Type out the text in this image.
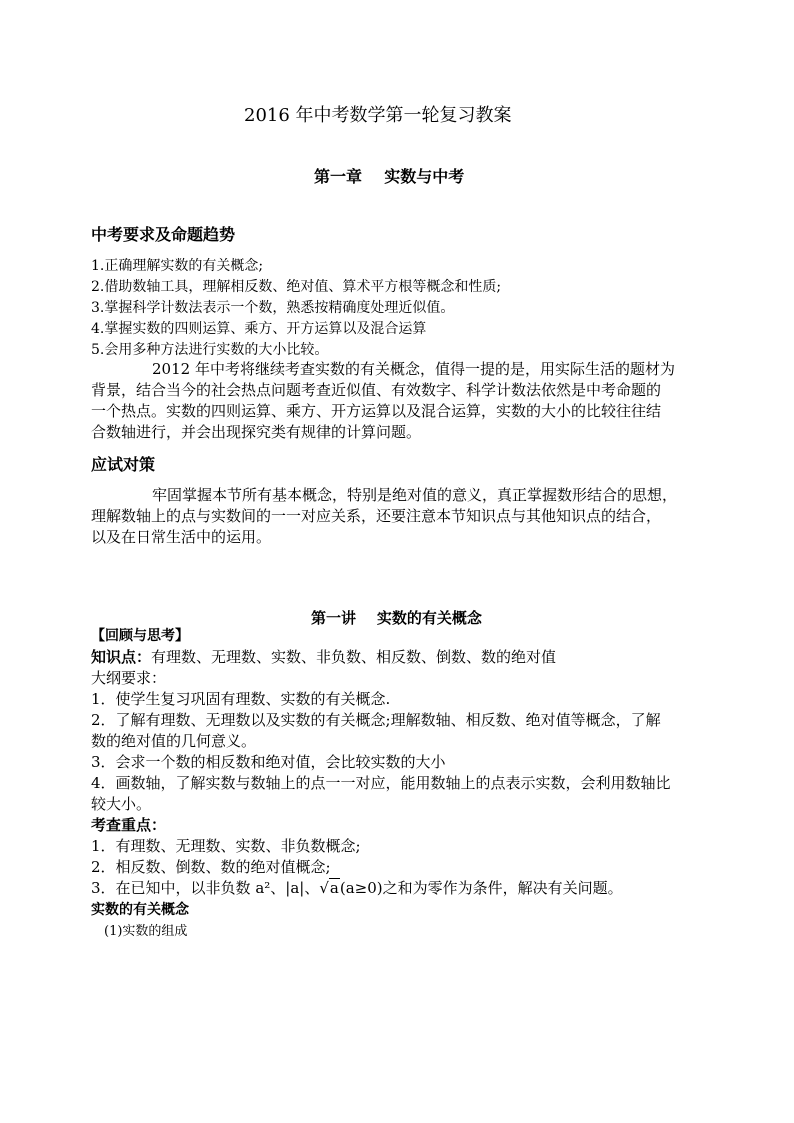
2016 年中考数学第一轮复习教案
第一章    实数与中考
中考要求及命题趋势
1.正确理解实数的有关概念;
2.借助数轴工具，理解相反数、绝对值、算术平方根等概念和性质;
3.掌握科学计数法表示一个数，熟悉按精确度处理近似值。
4.掌握实数的四则运算、乘方、开方运算以及混合运算
5.会用多种方法进行实数的大小比较。
2012 年中考将继续考查实数的有关概念，值得一提的是，用实际生活的题材为
背景，结合当今的社会热点问题考查近似值、有效数字、科学计数法依然是中考命题的
一个热点。实数的四则运算、乘方、开方运算以及混合运算，实数的大小的比较往往结
合数轴进行，并会出现探究类有规律的计算问题。
应试对策
牢固掌握本节所有基本概念，特别是绝对值的意义，真正掌握数形结合的思想，
理解数轴上的点与实数间的一一对应关系，还要注意本节知识点与其他知识点的结合，
以及在日常生活中的运用。
第一讲    实数的有关概念
【回顾与思考】
知识点：有理数、无理数、实数、非负数、相反数、倒数、数的绝对值
大纲要求：
1．使学生复习巩固有理数、实数的有关概念.
2．了解有理数、无理数以及实数的有关概念;理解数轴、相反数、绝对值等概念，了解
数的绝对值的几何意义。
3．会求一个数的相反数和绝对值，会比较实数的大小
4．画数轴，了解实数与数轴上的点一一对应，能用数轴上的点表示实数，会利用数轴比
较大小。
考查重点：
1．有理数、无理数、实数、非负数概念;
2．相反数、倒数、数的绝对值概念;
3．在已知中，以非负数 a²、|a|、√a(a≥0)之和为零作为条件，解决有关问题。
实数的有关概念
(1)实数的组成
